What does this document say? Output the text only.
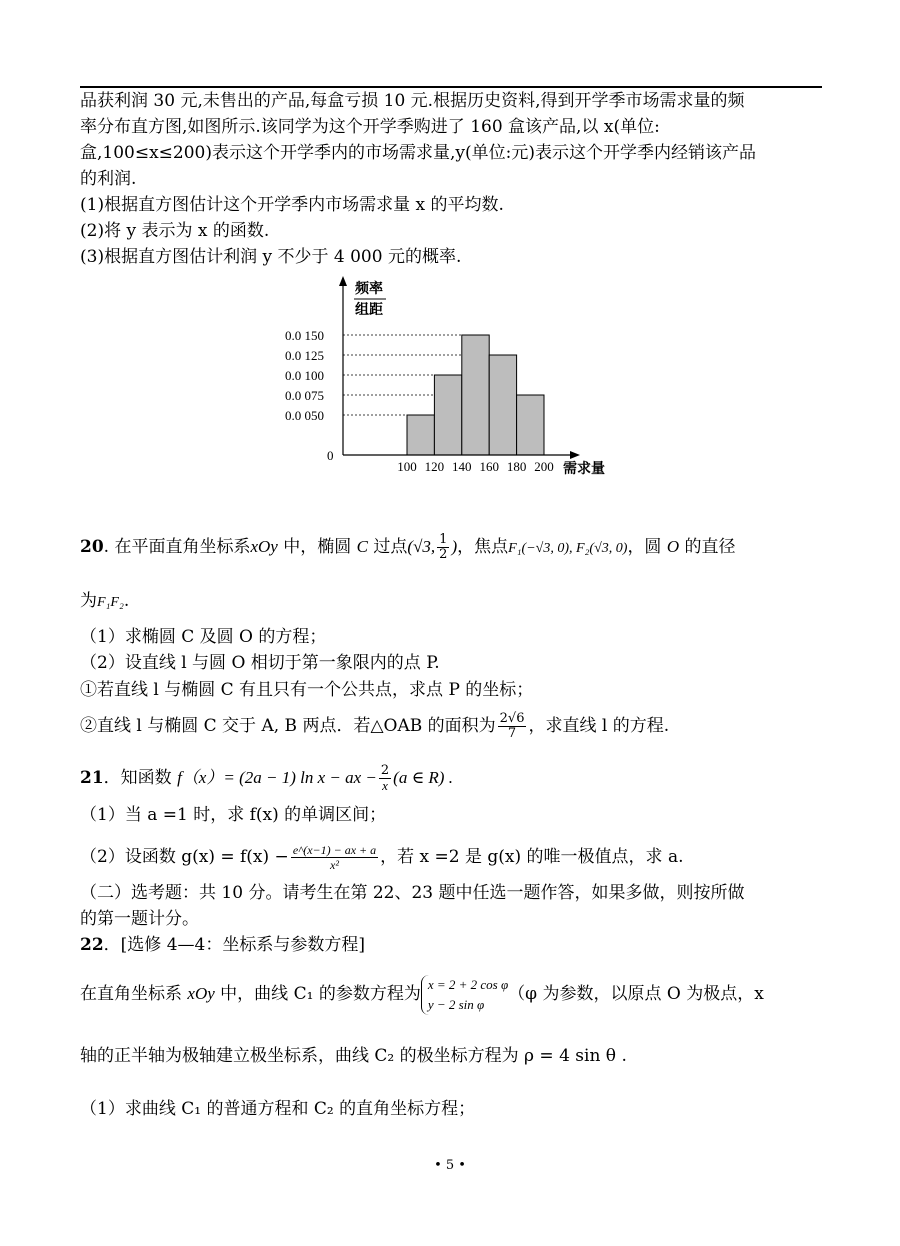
品获利润 30 元,未售出的产品,每盒亏损 10 元.根据历史资料,得到开学季市场需求量的频
率分布直方图,如图所示.该同学为这个开学季购进了 160 盒该产品,以 x(单位:
盒,100≤x≤200)表示这个开学季内的市场需求量,y(单位:元)表示这个开学季内经销该产品
的利润.
(1)根据直方图估计这个开学季内市场需求量 x 的平均数.
(2)将 y 表示为 x 的函数.
(3)根据直方图估计利润 y 不少于 4 000 元的概率.
0.0 050
0.0 075
0.0 100
0.0 125
0.0 150
100 120 140 160 180 200
频率
组距
0
需求量
20. 在平面直角坐标系xOy 中，椭圆 C 过点(√3, $\frac{1}{2}$ )，焦点F₁(−√3, 0), F₂(√3, 0)，圆 O 的直径
为F₁F₂.
（1）求椭圆 C 及圆 O 的方程；
（2）设直线 l 与圆 O 相切于第一象限内的点 P.
①若直线 l 与椭圆 C 有且只有一个公共点，求点 P 的坐标；
②直线 l 与椭圆 C 交于 A, B 两点．若△OAB 的面积为 $\frac{2√6}{7}$ ，求直线 l 的方程.
21．知函数 f（x）= (2a − 1) ln x − ax − $\frac{2}{x} (a$ ∈ R) .
（1）当 a =1 时，求 f(x) 的单调区间；
（2）设函数 $g(x) = f(x) - \frac{e\^{}(x-1) - ax + a}{\text{x²}}$ ，若 x =2 是 g(x) 的唯一极值点，求 a.
（二）选考题：共 10 分。请考生在第 22、23 题中任选一题作答，如果多做，则按所做
的第一题计分。
22．[选修 4—4：坐标系与参数方程]
在直角坐标系 xOy 中，曲线 C₁ 的参数方程为 x = 2 + 2 cos φ
y − 2 sin φ	（φ 为参数，以原点 O 为极点，x
轴的正半轴为极轴建立极坐标系，曲线 C₂ 的极坐标方程为 ρ = 4 sin θ .
（1）求曲线 C₁ 的普通方程和 C₂ 的直角坐标方程；
• 5 •
